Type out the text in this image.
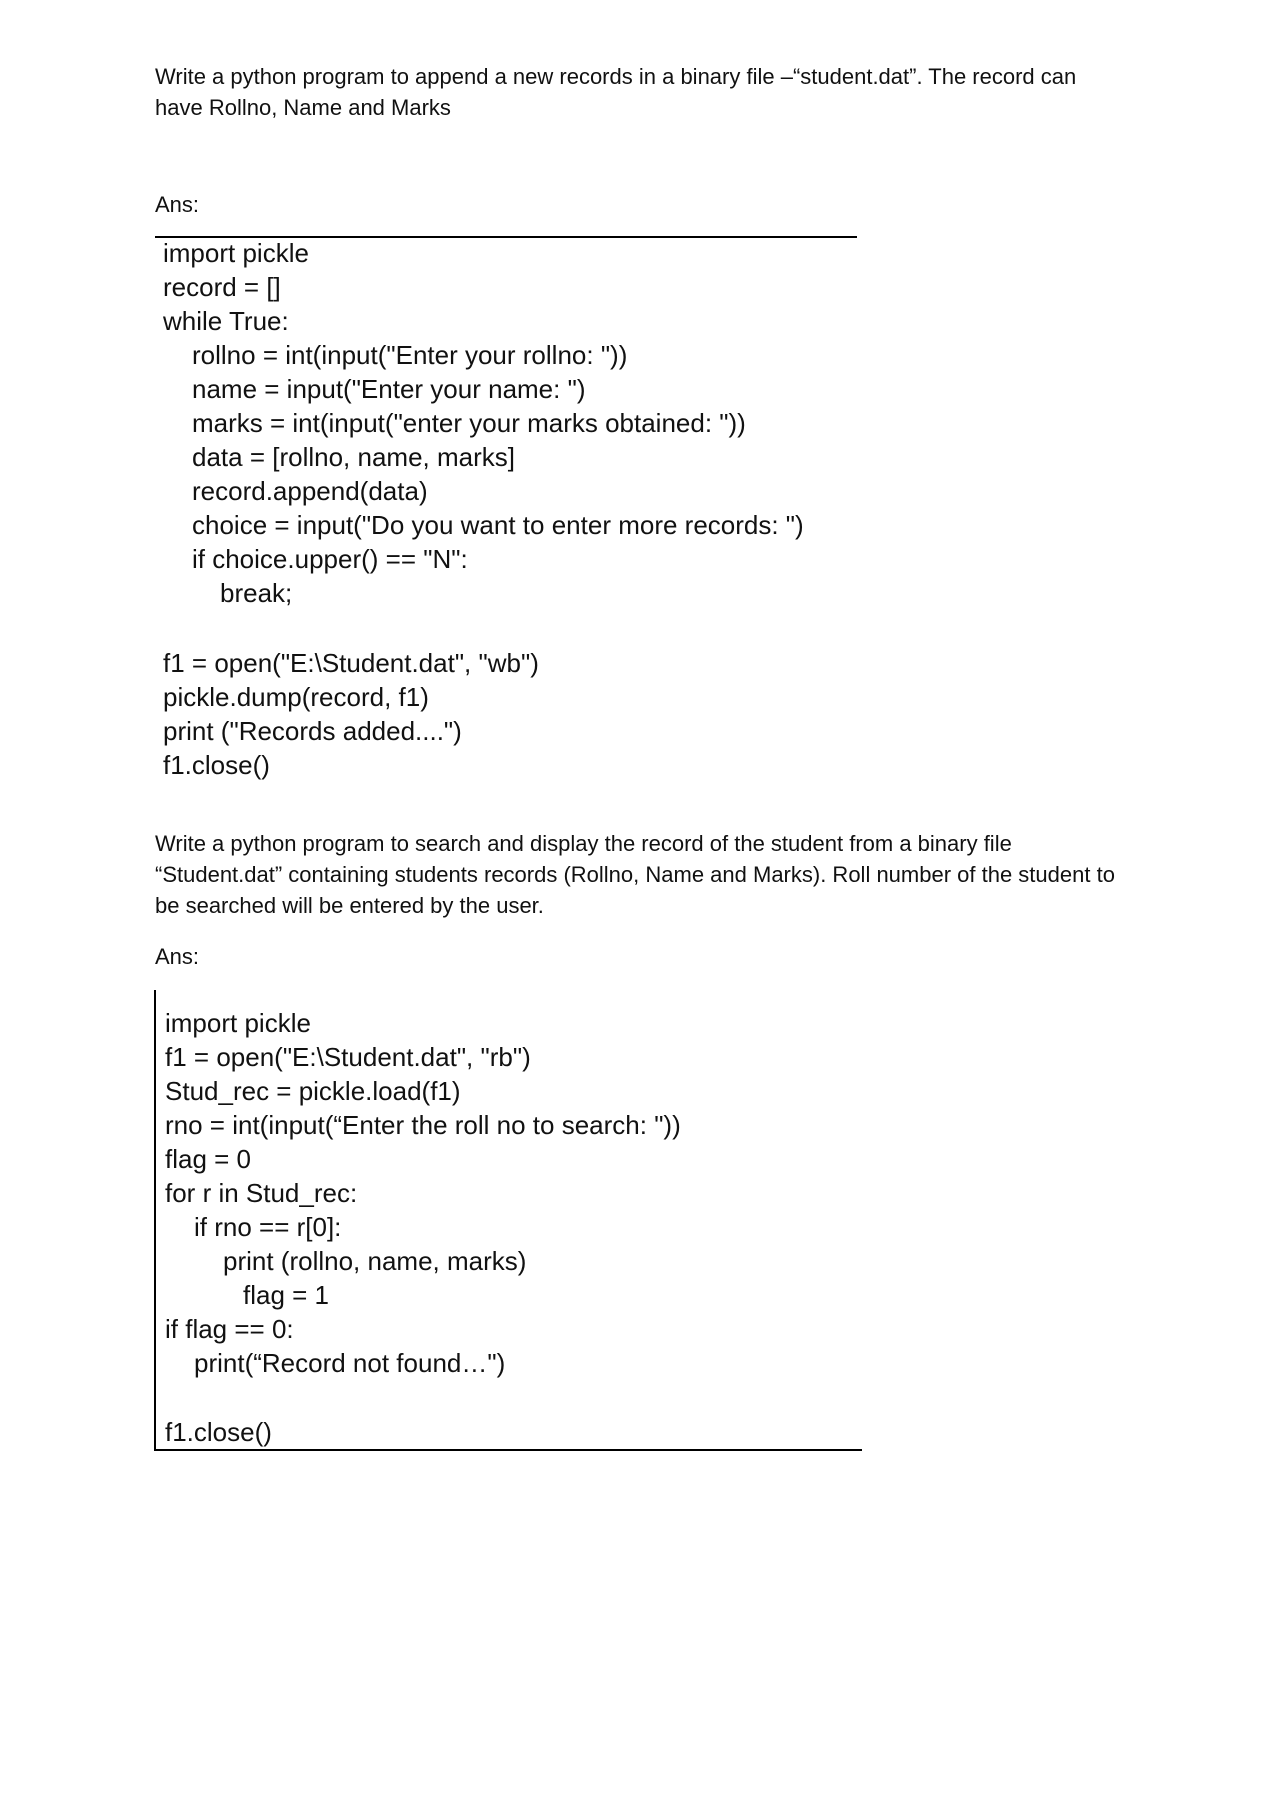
Write a python program to append a new records in a binary file –“student.dat”. The record can
have Rollno, Name and Marks

Ans:
import pickle
record = []
while True:
rollno = int(input("Enter your rollno: "))
name = input("Enter your name: ")
marks = int(input("enter your marks obtained: "))
data = [rollno, name, marks]
record.append(data)
choice = input("Do you want to enter more records: ")
if choice.upper() == "N":
break;
f1 = open("E:\Student.dat", "wb")
pickle.dump(record, f1)
print ("Records added....")
f1.close()

Write a python program to search and display the record of the student from a binary file
“Student.dat” containing students records (Rollno, Name and Marks). Roll number of the student to
be searched will be entered by the user.

Ans:
import pickle
f1 = open("E:\Student.dat", "rb")
Stud_rec = pickle.load(f1)
rno = int(input(“Enter the roll no to search: "))
flag = 0
for r in Stud_rec:
if rno == r[0]:
print (rollno, name, marks)
flag = 1
if flag == 0:
print(“Record not found…")
f1.close()
